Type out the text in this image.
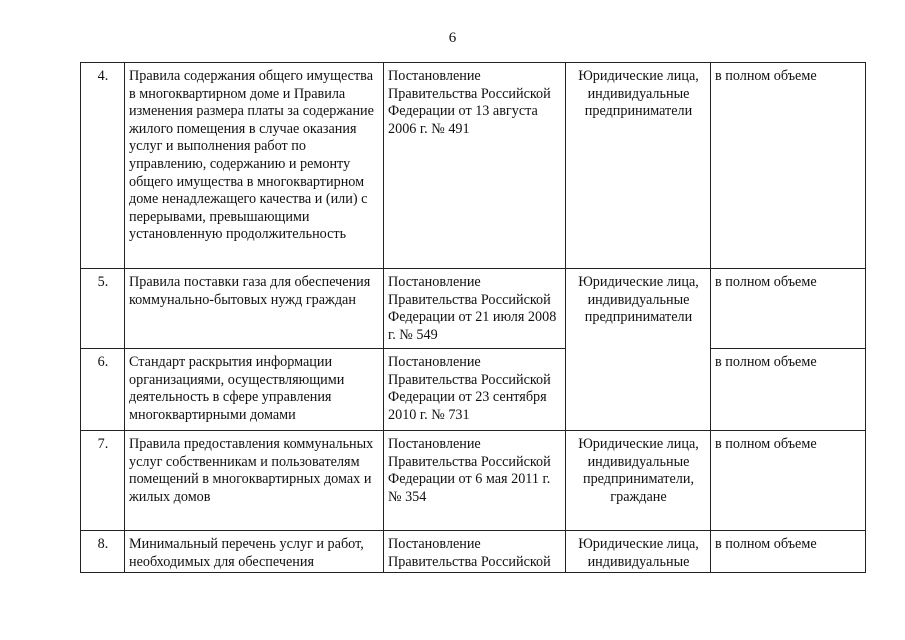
6
4.	Правила содержания общего имущества в многоквартирном доме и Правила изменения размера платы за содержание жилого помещения в случае оказания услуг и выполнения работ по управлению, содержанию и ремонту общего имущества в многоквартирном доме ненадлежащего качества и (или) с перерывами, превышающими установленную продолжительность	Постановление Правительства Российской Федерации от 13 августа 2006 г. № 491	Юридические лица, индивидуальные предприниматели	в полном объеме
5.	Правила поставки газа для обеспечения коммунально-бытовых нужд граждан	Постановление Правительства Российской Федерации от 21 июля 2008 г. № 549	Юридические лица, индивидуальные предприниматели	в полном объеме
6.	Стандарт раскрытия информации организациями, осуществляющими деятельность в сфере управления многоквартирными домами	Постановление Правительства Российской Федерации от 23 сентября 2010 г. № 731		в полном объеме
7.	Правила предоставления коммунальных услуг собственникам и пользователям помещений в многоквартирных домах и жилых домов	Постановление Правительства Российской Федерации от 6 мая 2011 г. № 354	Юридические лица, индивидуальные предприниматели, граждане	в полном объеме
8.	Минимальный перечень услуг и работ, необходимых для обеспечения	Постановление Правительства Российской	Юридические лица, индивидуальные	в полном объеме
